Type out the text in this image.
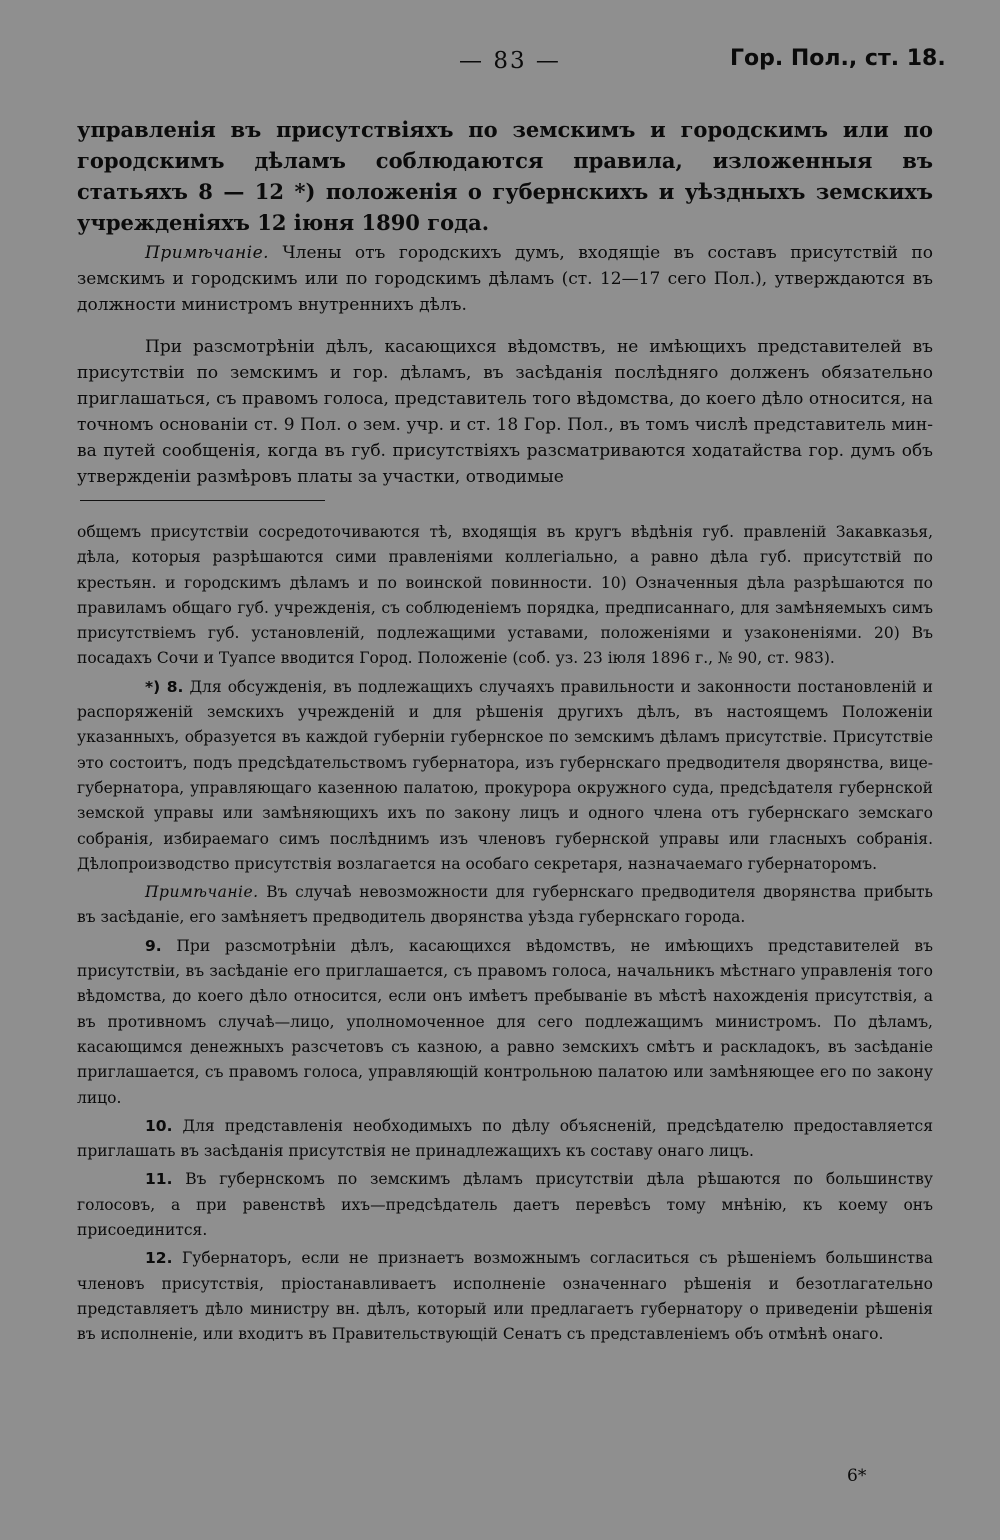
— 83 —	Гор. Пол., ст. 18.
управленія въ присутствіяхъ по земскимъ и городскимъ или по городскимъ дѣламъ соблюдаются правила, изложенныя въ статьяхъ 8 — 12 *) положенія о губернскихъ и уѣздныхъ земскихъ учрежденіяхъ 12 іюня 1890 года.

Примѣчаніе. Члены отъ городскихъ думъ, входящіе въ составъ присутствій по земскимъ и городскимъ или по городскимъ дѣламъ (ст. 12—17 сего Пол.), утверждаются въ должности министромъ внутреннихъ дѣлъ.

При разсмотрѣніи дѣлъ, касающихся вѣдомствъ, не имѣющихъ представителей въ присутствіи по земскимъ и гор. дѣламъ, въ засѣданія послѣдняго долженъ обязательно приглашаться, съ правомъ голоса, представитель того вѣдомства, до коего дѣло относится, на точномъ основаніи ст. 9 Пол. о зем. учр. и ст. 18 Гор. Пол., въ томъ числѣ представитель мин-ва путей сообщенія, когда въ губ. присутствіяхъ разсматриваются ходатайства гор. думъ объ утвержденіи размѣровъ платы за участки, отводимые

общемъ присутствіи сосредоточиваются тѣ, входящія въ кругъ вѣдѣнія губ. правленій Закавказья, дѣла, которыя разрѣшаются сими правленіями коллегіально, а равно дѣла губ. присутствій по крестьян. и городскимъ дѣламъ и по воинской повинности. 10) Означенныя дѣла разрѣшаются по правиламъ общаго губ. учрежденія, съ соблюденіемъ порядка, предписаннаго, для замѣняемыхъ симъ присутствіемъ губ. установленій, подлежащими уставами, положеніями и узаконеніями. 20) Въ посадахъ Сочи и Туапсе вводится Город. Положеніе (соб. уз. 23 іюля 1896 г., № 90, ст. 983).

*) 8. Для обсужденія, въ подлежащихъ случаяхъ правильности и законности постановленій и распоряженій земскихъ учрежденій и для рѣшенія другихъ дѣлъ, въ настоящемъ Положеніи указанныхъ, образуется въ каждой губерніи губернское по земскимъ дѣламъ присутствіе. Присутствіе это состоитъ, подъ предсѣдательствомъ губернатора, изъ губернскаго предводителя дворянства, вице-губернатора, управляющаго казенною палатою, прокурора окружного суда, предсѣдателя губернской земской управы или замѣняющихъ ихъ по закону лицъ и одного члена отъ губернскаго земскаго собранія, избираемаго симъ послѣднимъ изъ членовъ губернской управы или гласныхъ собранія. Дѣлопроизводство присутствія возлагается на особаго секретаря, назначаемаго губернаторомъ.

Примѣчаніе. Въ случаѣ невозможности для губернскаго предводителя дворянства прибыть въ засѣданіе, его замѣняетъ предводитель дворянства уѣзда губернскаго города.

9. При разсмотрѣніи дѣлъ, касающихся вѣдомствъ, не имѣющихъ представителей въ присутствіи, въ засѣданіе его приглашается, съ правомъ голоса, начальникъ мѣстнаго управленія того вѣдомства, до коего дѣло относится, если онъ имѣетъ пребываніе въ мѣстѣ нахожденія присутствія, а въ противномъ случаѣ—лицо, уполномоченное для сего подлежащимъ министромъ. По дѣламъ, касающимся денежныхъ разсчетовъ съ казною, а равно земскихъ смѣтъ и раскладокъ, въ засѣданіе приглашается, съ правомъ голоса, управляющій контрольною палатою или замѣняющее его по закону лицо.

10. Для представленія необходимыхъ по дѣлу объясненій, предсѣдателю предоставляется приглашать въ засѣданія присутствія не принадлежащихъ къ составу онаго лицъ.

11. Въ губернскомъ по земскимъ дѣламъ присутствіи дѣла рѣшаются по большинству голосовъ, а при равенствѣ ихъ—предсѣдатель даетъ перевѣсъ тому мнѣнію, къ коему онъ присоединится.

12. Губернаторъ, если не признаетъ возможнымъ согласиться съ рѣшеніемъ большинства членовъ присутствія, пріостанавливаетъ исполненіе означеннаго рѣшенія и безотлагательно представляетъ дѣло министру вн. дѣлъ, который или предлагаетъ губернатору о приведеніи рѣшенія въ исполненіе, или входитъ въ Правительствующій Сенатъ съ представленіемъ объ отмѣнѣ онаго.

6*
